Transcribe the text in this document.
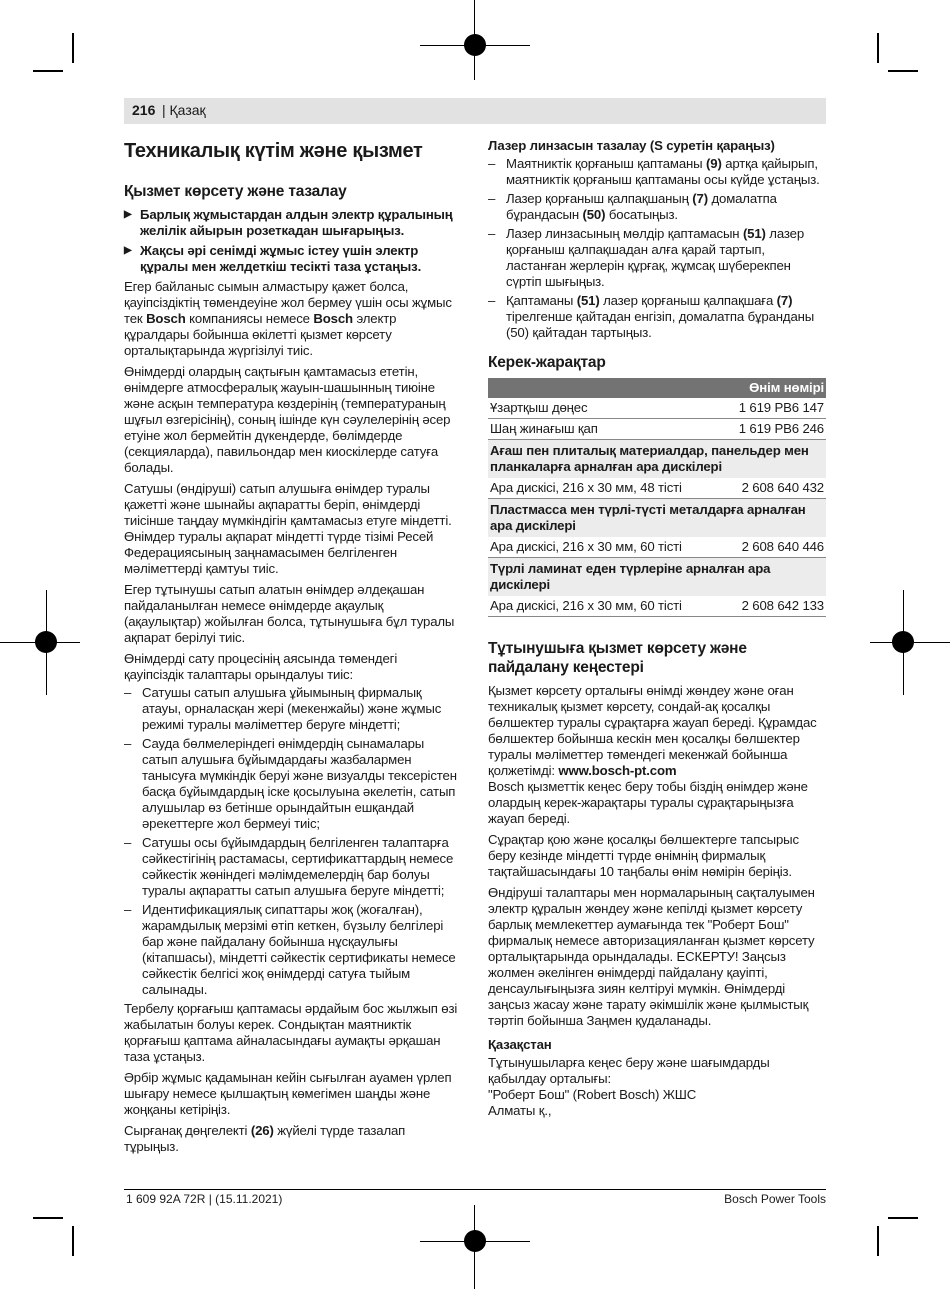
216 | Қазақ
Техникалық күтім және қызмет
Қызмет көрсету және тазалау
▶ Барлық жұмыстардан алдын электр құралының желілік айырын розеткадан шығарыңыз.
▶ Жақсы әрі сенімді жұмыс істеу үшін электр құралы мен желдеткіш тесікті таза ұстаңыз.

Егер байланыс сымын алмастыру қажет болса, қауіпсіздіктің төмендеуіне жол бермеу үшін осы жұмыс тек Bosch компаниясы немесе Bosch электр құралдары бойынша өкілетті қызмет көрсету орталықтарында жүргізілуі тиіс.

Өнімдерді олардың сақтығын қамтамасыз ететін, өнімдерге атмосфералық жауын-шашынның тиюіне және асқын температура көздерінің (температураның шұғыл өзгерісінің), соның ішінде күн сәулелерінің әсер етуіне жол бермейтін дүкендерде, бөлімдерде (секцияларда), павильондар мен киоскілерде сатуға болады.

Сатушы (өндіруші) сатып алушыға өнімдер туралы қажетті және шынайы ақпаратты беріп, өнімдерді тиісінше таңдау мүмкіндігін қамтамасыз етуге міндетті. Өнімдер туралы ақпарат міндетті түрде тізімі Ресей Федерациясының заңнамасымен белгіленген мәліметтерді қамтуы тиіс.

Егер тұтынушы сатып алатын өнімдер әлдеқашан пайдаланылған немесе өнімдерде ақаулық (ақаулықтар) жойылған болса, тұтынушыға бұл туралы ақпарат берілуі тиіс.

Өнімдерді сату процесінің аясында төмендегі қауіпсіздік талаптары орындалуы тиіс:

– Сатушы сатып алушыға ұйымының фирмалық атауы, орналасқан жері (мекенжайы) және жұмыс режимі туралы мәліметтер беруге міндетті;
– Сауда бөлмелеріндегі өнімдердің сынамалары сатып алушыға бұйымдардағы жазбалармен танысуға мүмкіндік беруі және визуалды тексерістен басқа бұйымдардың іске қосылуына әкелетін, сатып алушылар өз бетінше орындайтын ешқандай әрекеттерге жол бермеуі тиіс;
– Сатушы осы бұйымдардың белгіленген талаптарға сәйкестігінің растамасы, сертификаттардың немесе сәйкестік жөніндегі мәлімдемелердің бар болуы туралы ақпаратты сатып алушыға беруге міндетті;
– Идентификациялық сипаттары жоқ (жоғалған), жарамдылық мерзімі өтіп кеткен, бүзылу белгілері бар және пайдалану бойынша нұсқаулығы (кітапшасы), міндетті сәйкестік сертификаты немесе сәйкестік белгісі жоқ өнімдерді сатуға тыйым салынады.

Тербелу қорғағыш қаптамасы әрдайым бос жылжып өзі жабылатын болуы керек. Сондықтан маятниктік қорғағыш қаптама айналасындағы аумақты әрқашан таза ұстаңыз.

Әрбір жұмыс қадамынан кейін сығылған ауамен үрлеп шығару немесе қылшақтың көмегімен шаңды және жоңқаны кетіріңіз.

Сырғанақ дөңгелекті (26) жүйелі түрде тазалап тұрыңыз.

Лазер линзасын тазалау (S суретін қараңыз)
– Маятниктік қорғаныш қаптаманы (9) артқа қайырып, маятниктік қорғаныш қаптаманы осы күйде ұстаңыз.
– Лазер қорғаныш қалпақшаның (7) домалатпа бұрандасын (50) босатыңыз.
– Лазер линзасының мөлдір қаптамасын (51) лазер қорғаныш қалпақшадан алға қарай тартып, ластанған жерлерін құрғақ, жұмсақ шүберекпен сүртіп шығыңыз.
– Қаптаманы (51) лазер қорғаныш қалпақшаға (7) тірелгенше қайтадан енгізіп, домалатпа бұранданы (50) қайтадан тартыңыз.
Керек-жарақтар
Өнім нөмірі	
Ұзартқыш дөңес	1 619 PB6 147
Шаң жинағыш қап	1 619 PB6 246
Ағаш пен плиталық материалдар, панельдер мен планкаларға арналған ара дискілері	
Ара дискісі, 216 x 30 мм, 48 тісті	2 608 640 432
Пластмасса мен түрлі-түсті металдарға арналған ара дискілері	
Ара дискісі, 216 x 30 мм, 60 тісті	2 608 640 446
Түрлі ламинат еден түрлеріне арналған ара дискілері	
Ара дискісі, 216 x 30 мм, 60 тісті	2 608 642 133
Тұтынушыға қызмет көрсету және пайдалану кеңестері

Қызмет көрсету орталығы өнімді жөндеу және оған техникалық қызмет көрсету, сондай-ақ қосалқы бөлшектер туралы сұрақтарға жауап береді. Құрамдас бөлшектер бойынша кескін мен қосалқы бөлшектер туралы мәліметтер төмендегі мекенжай бойынша қолжетімді: www.bosch-pt.com

Bosch қызметтік кеңес беру тобы біздің өнімдер және олардың керек-жарақтары туралы сұрақтарыңызға жауап береді.

Сұрақтар қою және қосалқы бөлшектерге тапсырыс беру кезінде міндетті түрде өнімнің фирмалық тақтайшасындағы 10 таңбалы өнім нөмірін беріңіз.

Өндіруші талаптары мен нормаларының сақталуымен электр құралын жөндеу және кепілді қызмет көрсету барлық мемлекеттер аумағында тек "Роберт Бош" фирмалық немесе авторизацияланған қызмет көрсету орталықтарында орындалады. ЕСКЕРТУ! Заңсыз жолмен әкелінген өнімдерді пайдалану қауіпті, денсаулығыңызға зиян келтіруі мүмкін. Өнімдерді заңсыз жасау және тарату әкімшілік және қылмыстық тәртіп бойынша Заңмен қудаланады.

Қазақстан

Тұтынушыларға кеңес беру және шағымдарды қабылдау орталығы:

"Роберт Бош" (Robert Bosch) ЖШС

Алматы қ.,

1 609 92A 72R | (15.11.2021)	Bosch Power Tools
